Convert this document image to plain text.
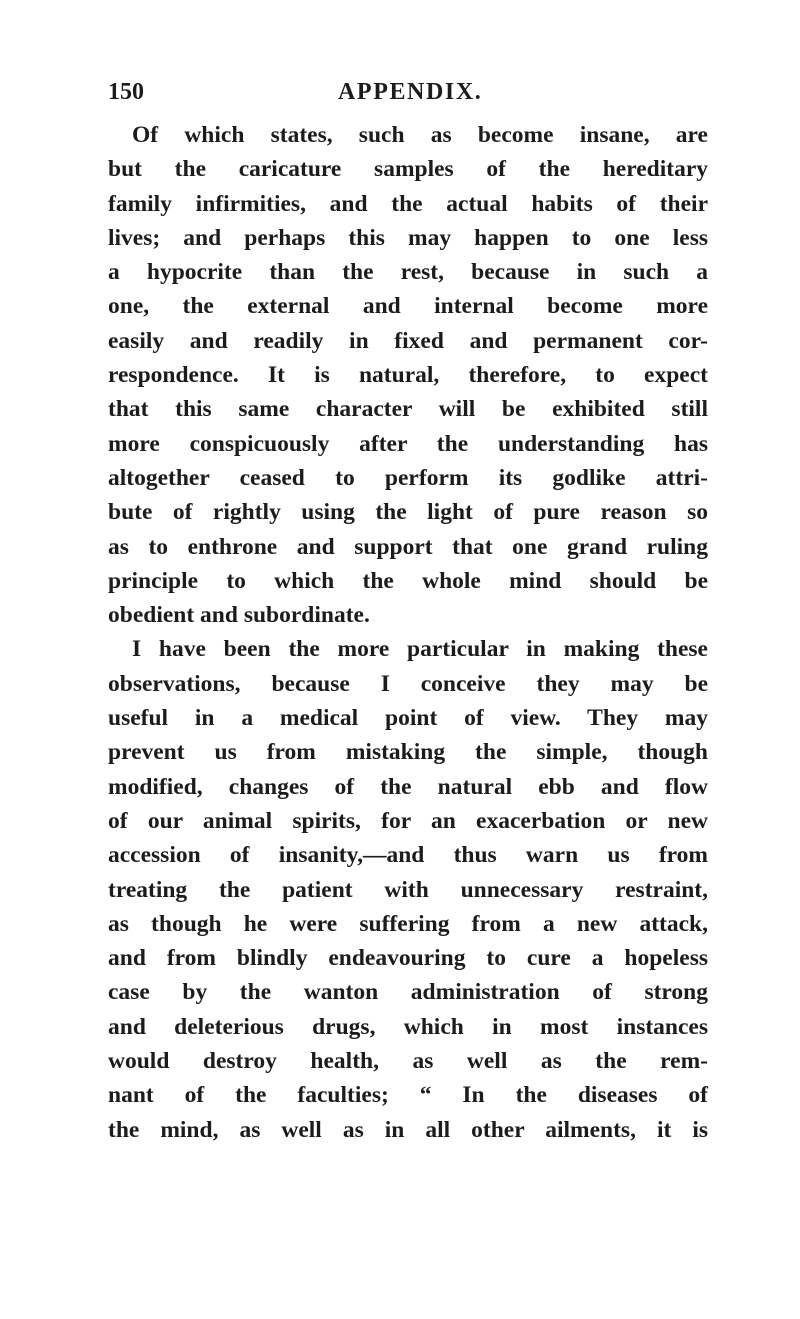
150	APPENDIX.
Of which states, such as become insane, are
but the caricature samples of the hereditary
family infirmities, and the actual habits of their
lives; and perhaps this may happen to one less
a hypocrite than the rest, because in such a
one, the external and internal become more
easily and readily in fixed and permanent cor-
respondence. It is natural, therefore, to expect
that this same character will be exhibited still
more conspicuously after the understanding has
altogether ceased to perform its godlike attri-
bute of rightly using the light of pure reason so
as to enthrone and support that one grand ruling
principle to which the whole mind should be
obedient and subordinate.
I have been the more particular in making these
observations, because I conceive they may be
useful in a medical point of view. They may
prevent us from mistaking the simple, though
modified, changes of the natural ebb and flow
of our animal spirits, for an exacerbation or new
accession of insanity,—and thus warn us from
treating the patient with unnecessary restraint,
as though he were suffering from a new attack,
and from blindly endeavouring to cure a hopeless
case by the wanton administration of strong
and deleterious drugs, which in most instances
would destroy health, as well as the rem-
nant of the faculties; “ In the diseases of
the mind, as well as in all other ailments, it is
